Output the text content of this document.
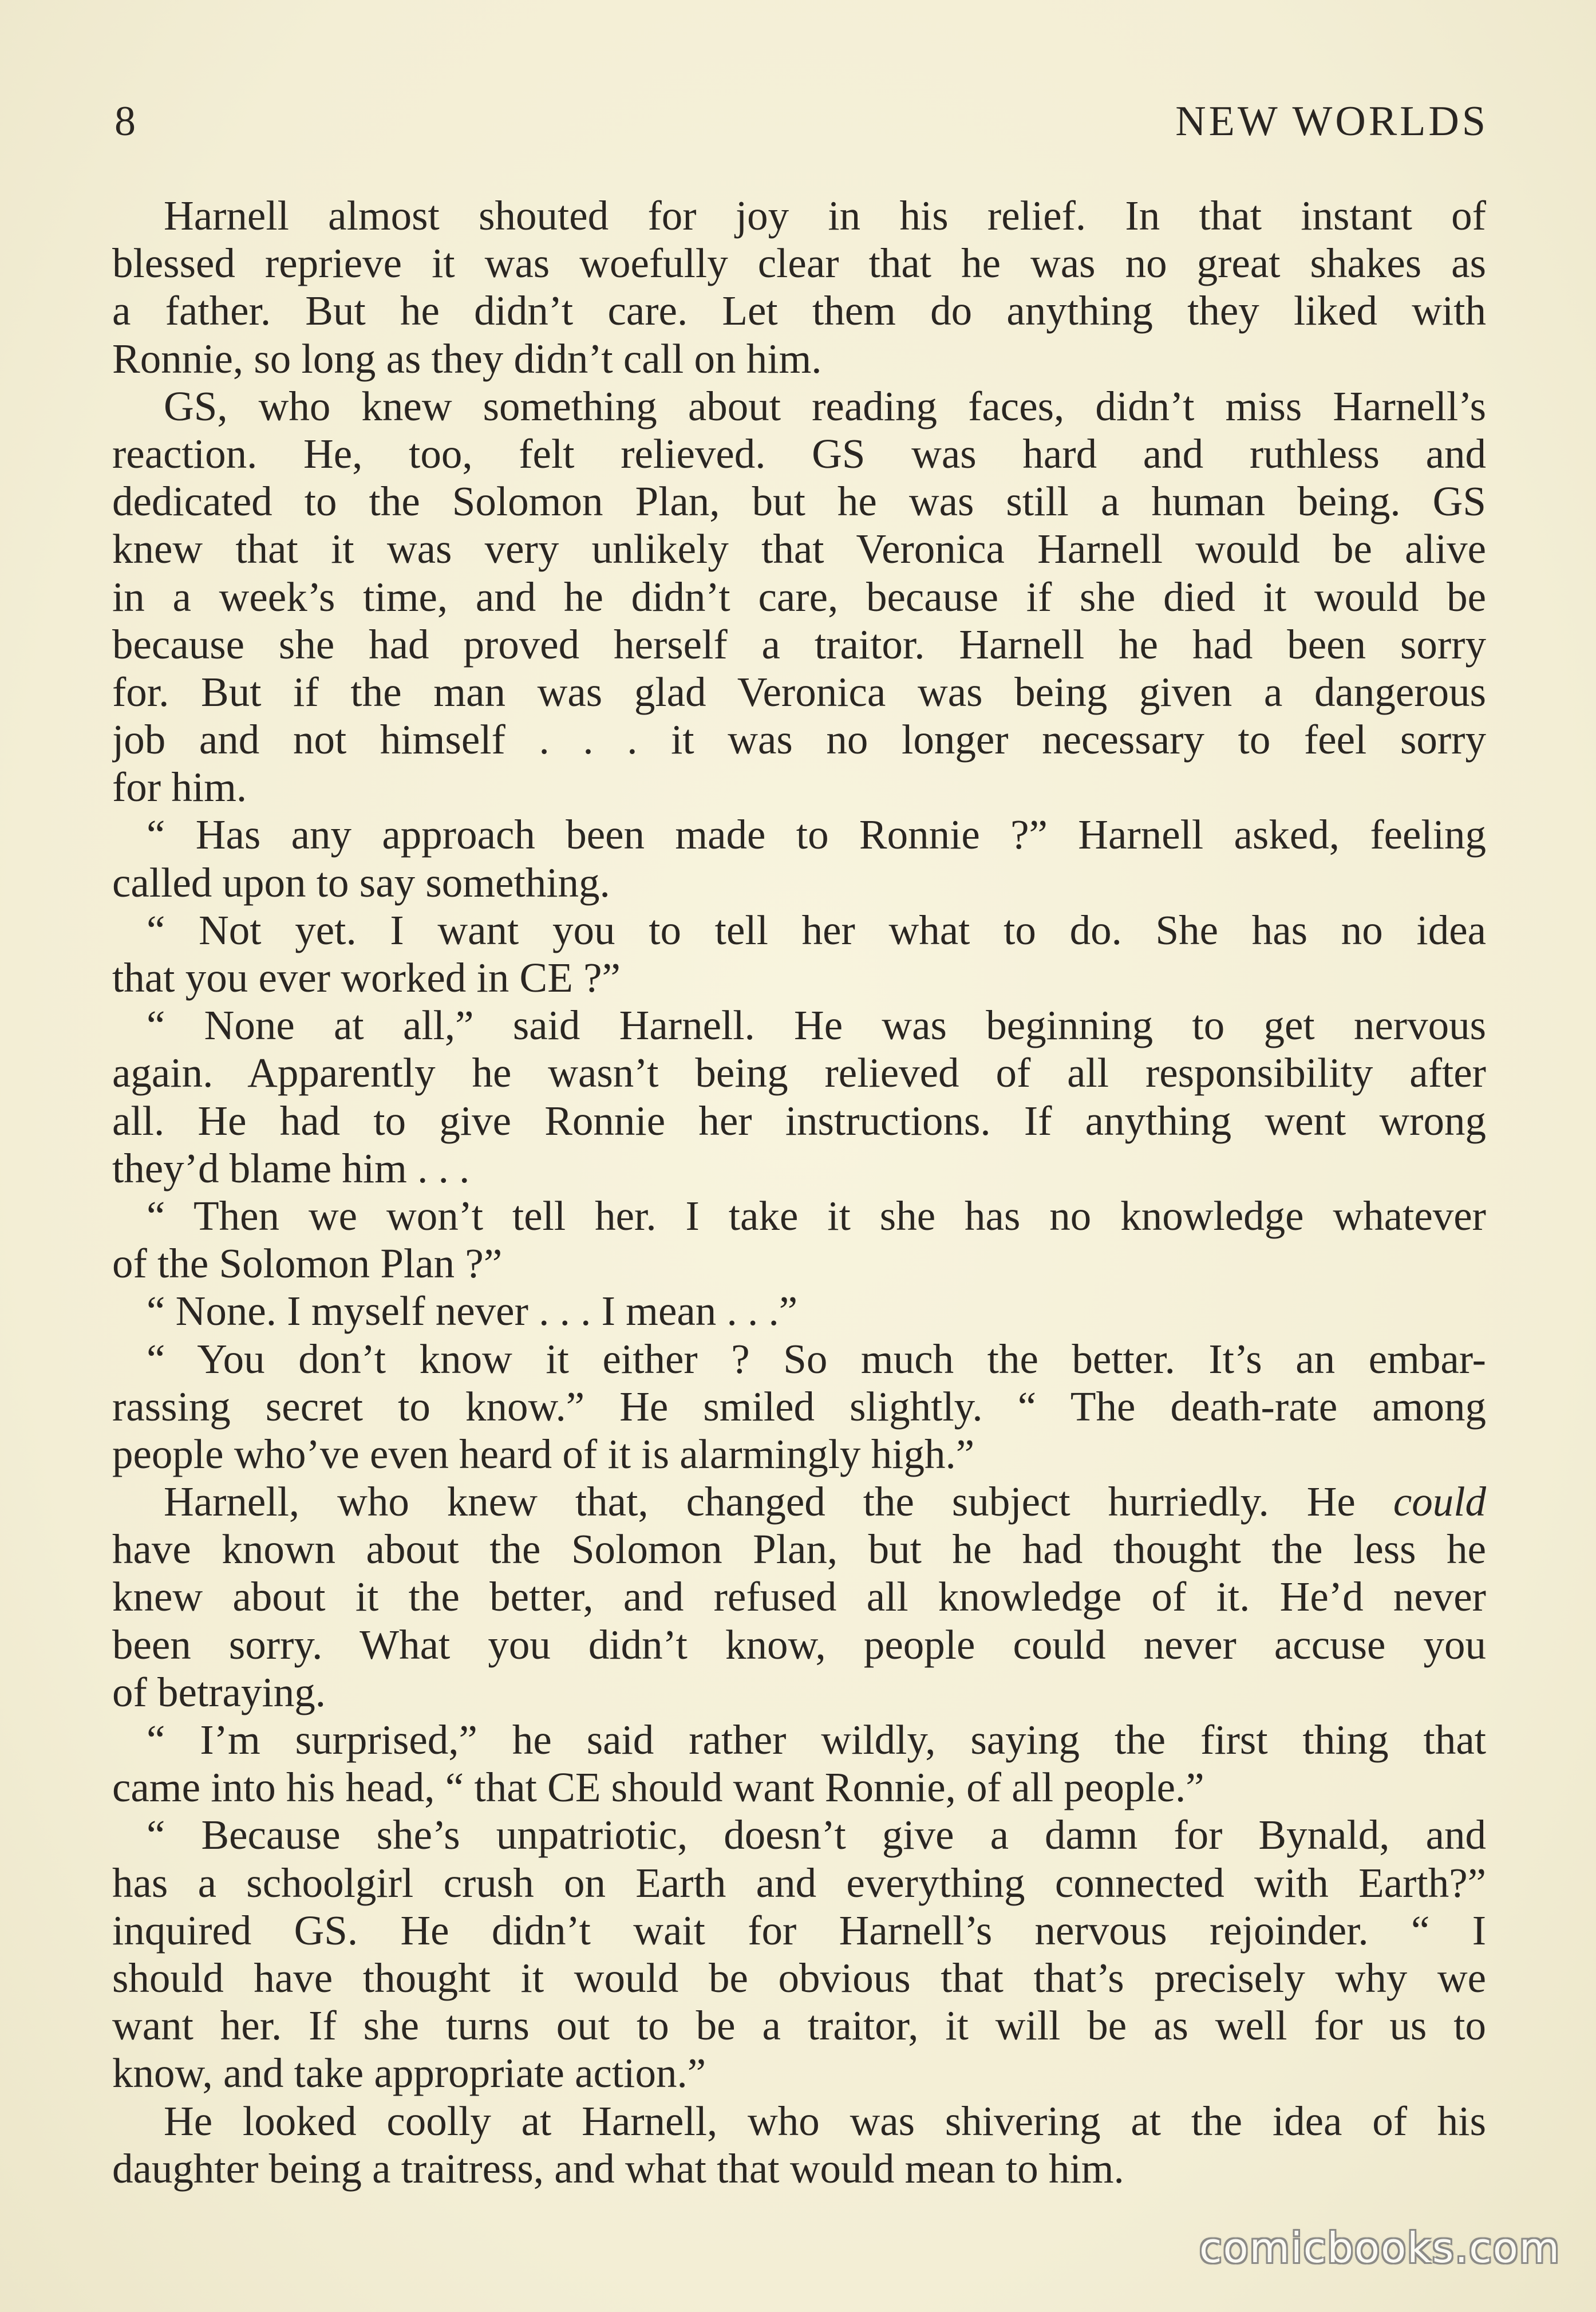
8	NEW WORLDS
Harnell almost shouted for joy in his relief. In that instant of
blessed reprieve it was woefully clear that he was no great shakes as
a father. But he didn’t care. Let them do anything they liked with
Ronnie, so long as they didn’t call on him.
GS, who knew something about reading faces, didn’t miss Harnell’s
reaction. He, too, felt relieved. GS was hard and ruthless and
dedicated to the Solomon Plan, but he was still a human being. GS
knew that it was very unlikely that Veronica Harnell would be alive
in a week’s time, and he didn’t care, because if she died it would be
because she had proved herself a traitor. Harnell he had been sorry
for. But if the man was glad Veronica was being given a dangerous
job and not himself . . . it was no longer necessary to feel sorry
for him.
“ Has any approach been made to Ronnie ?” Harnell asked, feeling
called upon to say something.
“ Not yet. I want you to tell her what to do. She has no idea
that you ever worked in CE ?”
“ None at all,” said Harnell. He was beginning to get nervous
again. Apparently he wasn’t being relieved of all responsibility after
all. He had to give Ronnie her instructions. If anything went wrong
they’d blame him . . .
“ Then we won’t tell her. I take it she has no knowledge whatever
of the Solomon Plan ?”
“ None. I myself never . . . I mean . . .”
“ You don’t know it either ? So much the better. It’s an embar-
rassing secret to know.” He smiled slightly. “ The death-rate among
people who’ve even heard of it is alarmingly high.”
Harnell, who knew that, changed the subject hurriedly. He could
have known about the Solomon Plan, but he had thought the less he
knew about it the better, and refused all knowledge of it. He’d never
been sorry. What you didn’t know, people could never accuse you
of betraying.
“ I’m surprised,” he said rather wildly, saying the first thing that
came into his head, “ that CE should want Ronnie, of all people.”
“ Because she’s unpatriotic, doesn’t give a damn for Bynald, and
has a schoolgirl crush on Earth and everything connected with Earth?”
inquired GS. He didn’t wait for Harnell’s nervous rejoinder. “ I
should have thought it would be obvious that that’s precisely why we
want her. If she turns out to be a traitor, it will be as well for us to
know, and take appropriate action.”
He looked coolly at Harnell, who was shivering at the idea of his
daughter being a traitress, and what that would mean to him.
comicbooks.com
